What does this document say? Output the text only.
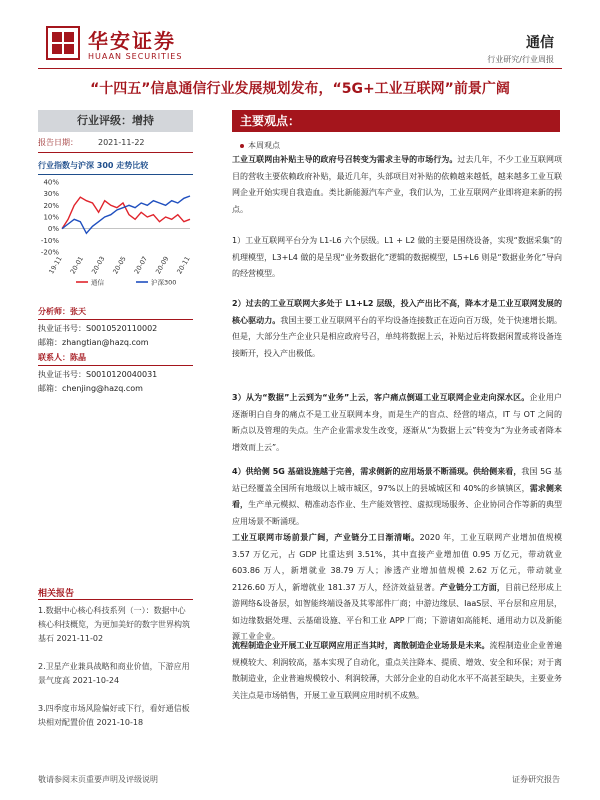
华安证券
HUAAN SECURITIES
通信
行业研究/行业周报
“十四五”信息通信行业发展规划发布，“5G+工业互联网”前景广阔
行业评级：增持
报告日期：	2021-11-22
行业指数与沪深 300 走势比较
40%
30%
20%
10%
0%
-10%
-20%
19-11 20-01 20-03 20-05 20-07 20-09 20-11
通信	沪深300
分析师：张天
执业证书号：S0010520110002
邮箱：zhangtian@hazq.com
联系人：陈晶
执业证书号：S0010120040031
邮箱：chenjing@hazq.com
相关报告
1.数据中心核心科技系列（一）：数据中心核心科技概览，为更加美好的数字世界构筑基石 2021-11-02
2.卫星产业兼具战略和商业价值，下游应用景气度高 2021-10-24
3.四季度市场风险偏好或下行，看好通信板块相对配置价值 2021-10-18
主要观点：
本周观点
工业互联网由补贴主导的政府号召转变为需求主导的市场行为。过去几年，不少工业互联网项目的营收主要依赖政府补贴，最近几年，头部项目对补贴的依赖越来越低，越来越多工业互联网企业开始实现自我造血。类比新能源汽车产业，我们认为，工业互联网产业即将迎来新的拐点。
1）工业互联网平台分为 L1-L6 六个层级。L1 + L2 做的主要是围绕设备，实现“数据采集”的机理模型，L3+L4 做的是呈现“业务数据化”逻辑的数据模型，L5+L6 则是“数据业务化”导向的经营模型。
2）过去的工业互联网大多处于 L1+L2 层级，投入产出比不高，降本才是工业互联网发展的核心驱动力。我国主要工业互联网平台的平均设备连接数正在迈向百万级，处于快速增长期。但是，大部分生产企业只是相应政府号召，单纯将数据上云，补贴过后将数据闲置或将设备连接断开，投入产出极低。
3）从为“数据”上云到为“业务”上云，客户痛点倒逼工业互联网企业走向深水区。企业用户逐渐明白自身的痛点不是工业互联网本身，而是生产的盲点、经营的堵点，IT 与 OT 之间的断点以及管理的失点。生产企业需求发生改变，逐渐从“为数据上云”转变为“为业务或者降本增效而上云”。
4）供给侧 5G 基础设施越于完善，需求侧新的应用场景不断涌现。供给侧来看，我国 5G 基站已经覆盖全国所有地级以上城市城区，97%以上的县城城区和 40%的乡镇镇区，需求侧来看，生产单元模拟、精准动态作业、生产能效管控、虚拟现场服务、企业协同合作等新的典型应用场景不断涌现。
工业互联网市场前景广阔，产业链分工日渐清晰。2020 年，工业互联网产业增加值规模 3.57 万亿元，占 GDP 比重达到 3.51%，其中直接产业增加值 0.95 万亿元，带动就业 603.86 万人，新增就业 38.79 万人；渗透产业增加值规模 2.62 万亿元，带动就业 2126.60 万人，新增就业 181.37 万人，经济效益显著。产业链分工方面，目前已经形成上游网络&设备层，如智能终端设备及其零部件厂商；中游边缘层、IaaS层、平台层和应用层，如边缘数据处理、云基础设施、平台和工业 APP 厂商；下游诸如高能耗、通用动力以及新能源工业企业。
流程制造企业开展工业互联网应用正当其时，离散制造企业场景是未来。流程制造业企业普遍规模较大、利润较高，基本实现了自动化，重点关注降本、提质、增效、安全和环保；对于离散制造业，企业普遍规模较小、利润较薄，大部分企业的自动化水平不高甚至缺失，主要业务关注点是市场销售，开展工业互联网应用时机不成熟。
敬请参阅末页重要声明及评级说明	证券研究报告
